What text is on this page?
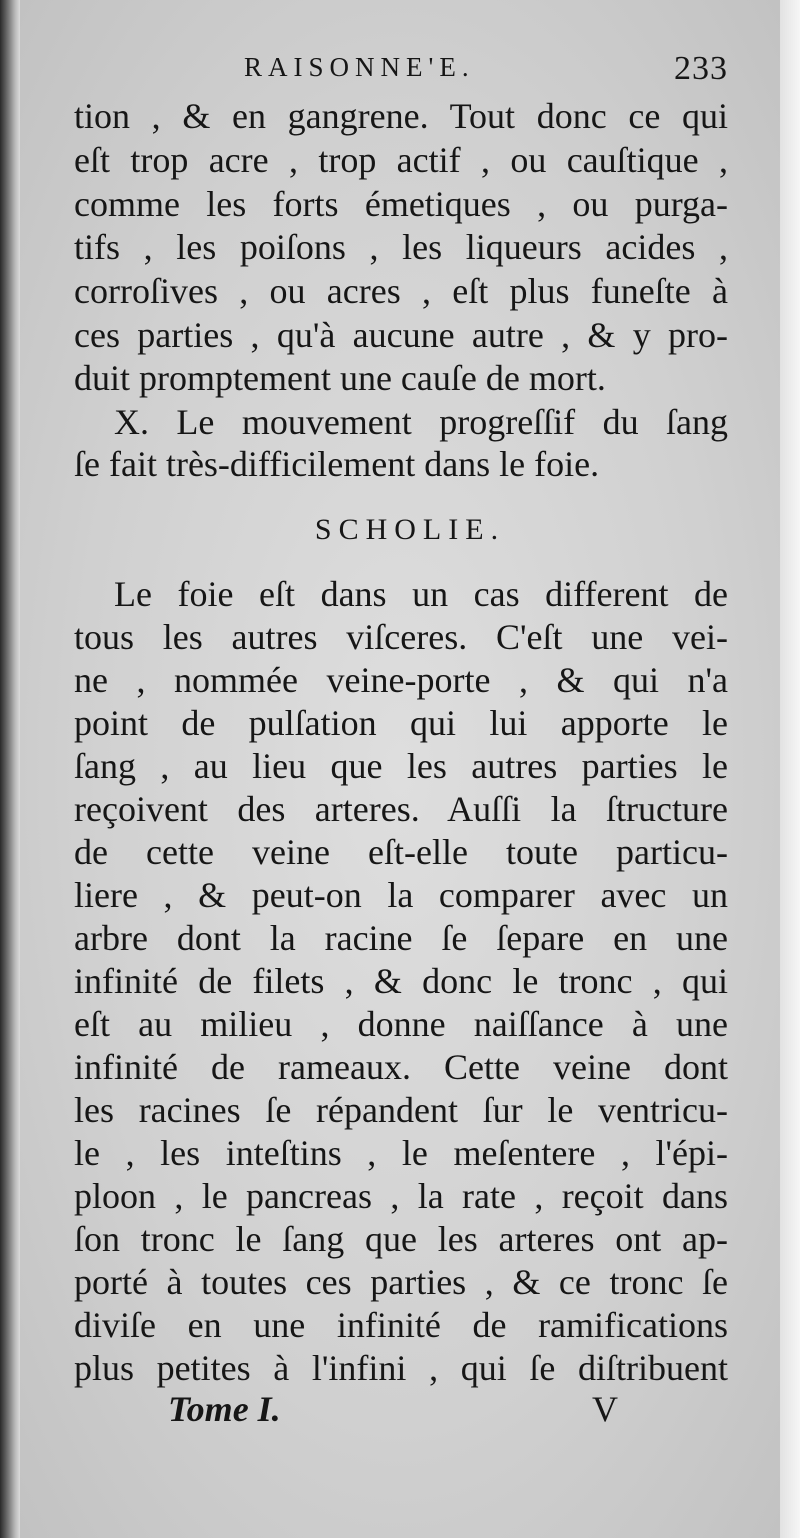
RAISONNE'E.	233
tion , & en gangrene. Tout donc ce qui
eſt trop acre , trop actif , ou cauſtique ,
comme les forts émetiques , ou purga-
tifs , les poiſons , les liqueurs acides ,
corroſives , ou acres , eſt plus funeſte à
ces parties , qu'à aucune autre , & y pro-
duit promptement une cauſe de mort.
X. Le mouvement progreſſif du ſang
ſe fait très-difficilement dans le foie.
SCHOLIE.
Le foie eſt dans un cas different de
tous les autres viſceres. C'eſt une vei-
ne , nommée veine-porte , & qui n'a
point de pulſation qui lui apporte le
ſang , au lieu que les autres parties le
reçoivent des arteres. Auſſi la ſtructure
de cette veine eſt-elle toute particu-
liere , & peut-on la comparer avec un
arbre dont la racine ſe ſepare en une
infinité de filets , & donc le tronc , qui
eſt au milieu , donne naiſſance à une
infinité de rameaux. Cette veine dont
les racines ſe répandent ſur le ventricu-
le , les inteſtins , le meſentere , l'épi-
ploon , le pancreas , la rate , reçoit dans
ſon tronc le ſang que les arteres ont ap-
porté à toutes ces parties , & ce tronc ſe
diviſe en une infinité de ramifications
plus petites à l'infini , qui ſe diſtribuent
Tome I.	V
